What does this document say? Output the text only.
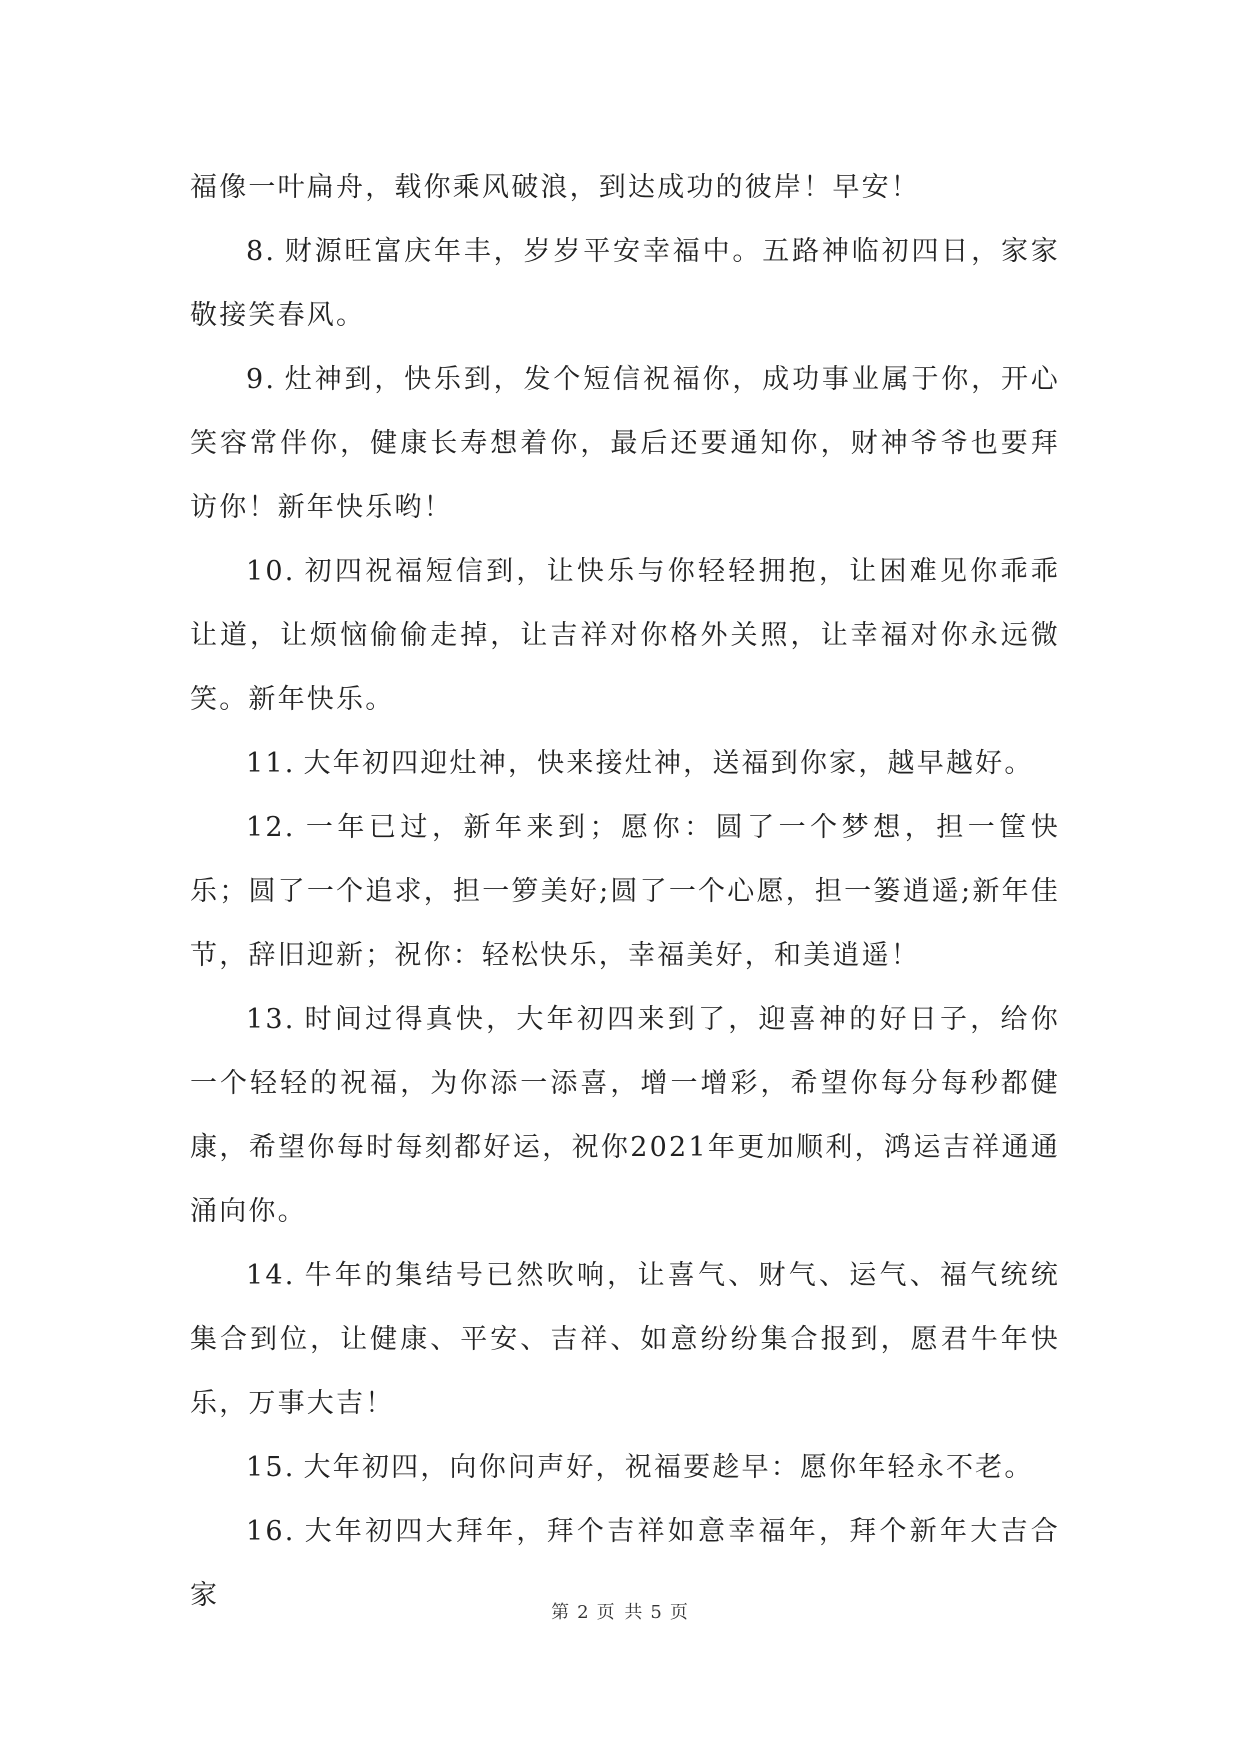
福像一叶扁舟，载你乘风破浪，到达成功的彼岸！早安！

8. 财源旺富庆年丰，岁岁平安幸福中。五路神临初四日，家家敬接笑春风。

9. 灶神到，快乐到，发个短信祝福你，成功事业属于你，开心笑容常伴你，健康长寿想着你，最后还要通知你，财神爷爷也要拜访你！新年快乐哟！

10. 初四祝福短信到，让快乐与你轻轻拥抱，让困难见你乖乖让道，让烦恼偷偷走掉，让吉祥对你格外关照，让幸福对你永远微笑。新年快乐。

11. 大年初四迎灶神，快来接灶神，送福到你家，越早越好。

12. 一年已过，新年来到；愿你：圆了一个梦想，担一筐快乐；圆了一个追求，担一箩美好;圆了一个心愿，担一篓逍遥;新年佳节，辞旧迎新；祝你：轻松快乐，幸福美好，和美逍遥！

13. 时间过得真快，大年初四来到了，迎喜神的好日子，给你一个轻轻的祝福，为你添一添喜，增一增彩，希望你每分每秒都健康，希望你每时每刻都好运，祝你2021年更加顺利，鸿运吉祥通通涌向你。

14. 牛年的集结号已然吹响，让喜气、财气、运气、福气统统集合到位，让健康、平安、吉祥、如意纷纷集合报到，愿君牛年快乐，万事大吉！

15. 大年初四，向你问声好，祝福要趁早：愿你年轻永不老。

16. 大年初四大拜年，拜个吉祥如意幸福年，拜个新年大吉合家

第 2 页 共 5 页
